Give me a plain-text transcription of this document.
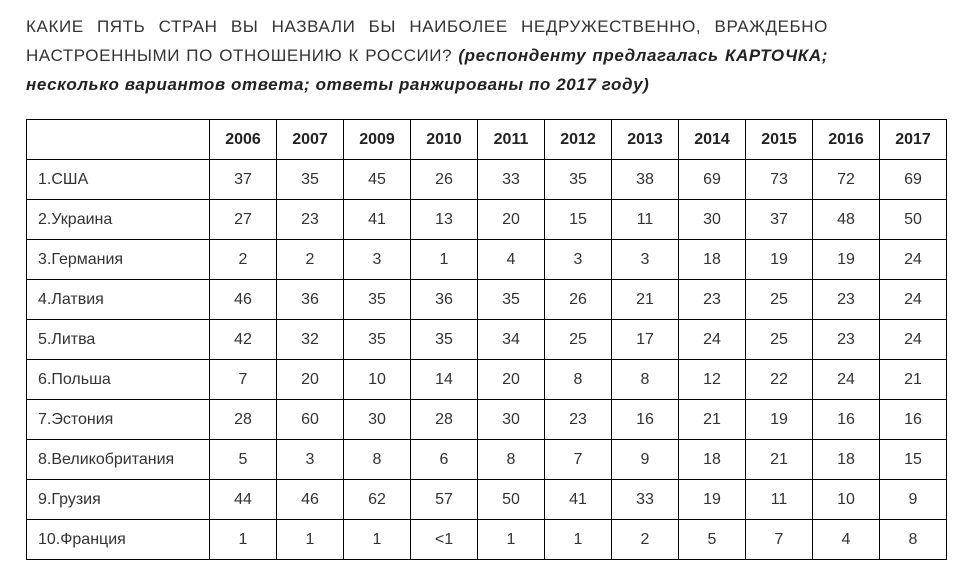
КАКИЕ ПЯТЬ СТРАН ВЫ НАЗВАЛИ БЫ НАИБОЛЕЕ НЕДРУЖЕСТВЕННО, ВРАЖДЕБНО НАСТРОЕННЫМИ ПО ОТНОШЕНИЮ К РОССИИ? (респонденту предлагалась КАРТОЧКА; несколько вариантов ответа; ответы ранжированы по 2017 году)
	2006	2007	2009	2010	2011	2012	2013	2014	2015	2016	2017
1.США	37	35	45	26	33	35	38	69	73	72	69
2.Украина	27	23	41	13	20	15	11	30	37	48	50
3.Германия	2	2	3	1	4	3	3	18	19	19	24
4.Латвия	46	36	35	36	35	26	21	23	25	23	24
5.Литва	42	32	35	35	34	25	17	24	25	23	24
6.Польша	7	20	10	14	20	8	8	12	22	24	21
7.Эстония	28	60	30	28	30	23	16	21	19	16	16
8.Великобритания	5	3	8	6	8	7	9	18	21	18	15
9.Грузия	44	46	62	57	50	41	33	19	11	10	9
10.Франция	1	1	1	<1	1	1	2	5	7	4	8
